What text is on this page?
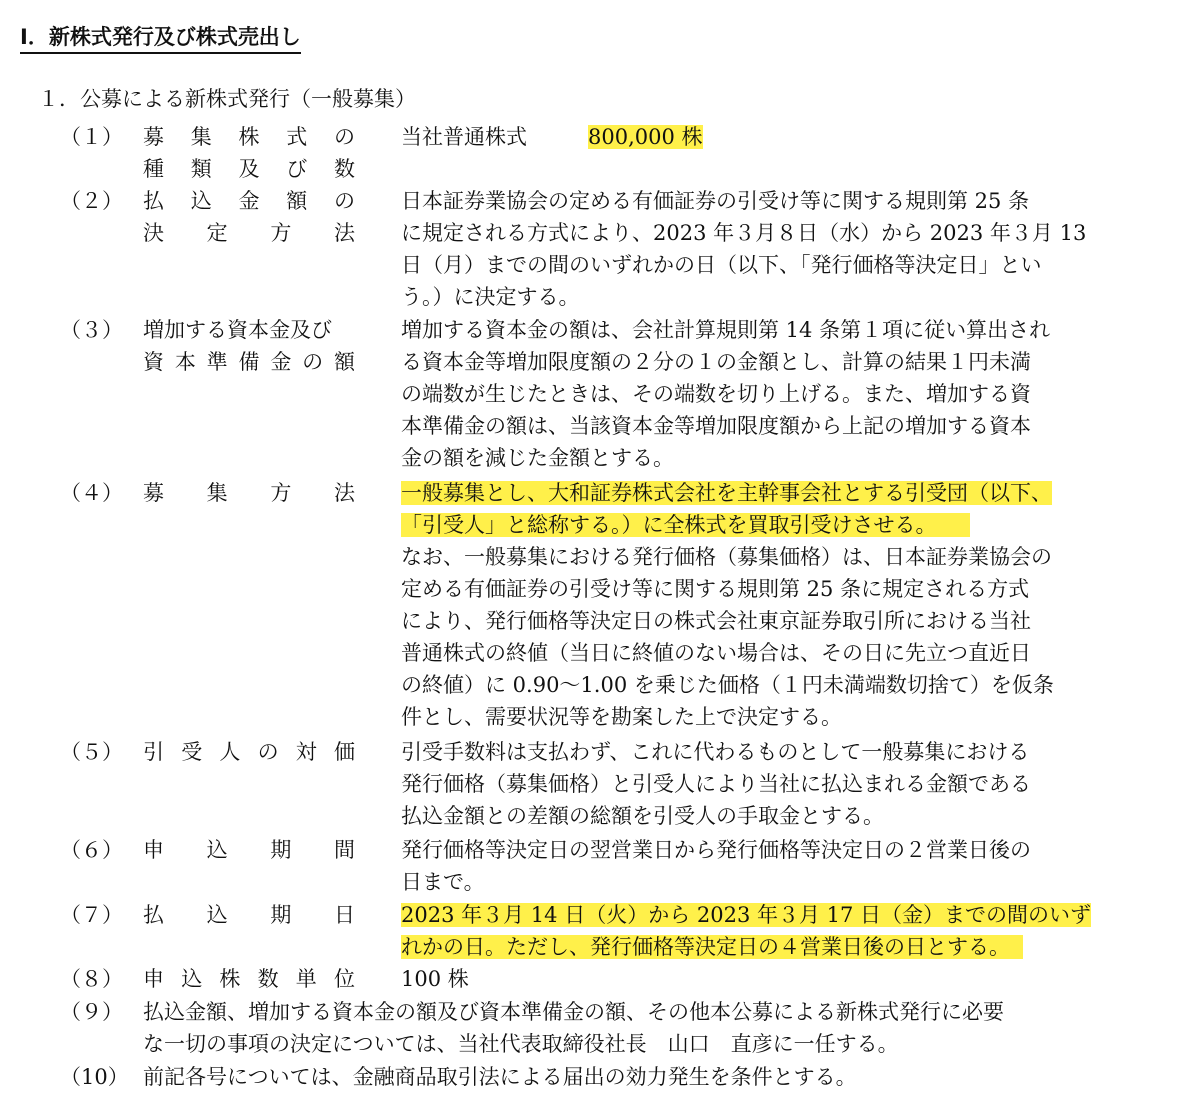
Ⅰ．新株式発行及び株式売出し
１．公募による新株式発行（一般募集）
（１） 募 集 株 式 の
種 類 及 び 数
当社普通株式	800,000 株
（２） 払 込 金 額 の
決 定 方 法
日本証券業協会の定める有価証券の引受け等に関する規則第 25 条
に規定される方式により、2023 年３月８日（水）から 2023 年３月 13
日（月）までの間のいずれかの日（以下、「発行価格等決定日」とい
う。）に決定する。
（３） 増加する資本金及び
資 本 準 備 金 の 額
増加する資本金の額は、会社計算規則第 14 条第１項に従い算出され
る資本金等増加限度額の２分の１の金額とし、計算の結果１円未満
の端数が生じたときは、その端数を切り上げる。また、増加する資
本準備金の額は、当該資本金等増加限度額から上記の増加する資本
金の額を減じた金額とする。
（４） 募 集 方 法 一般募集とし、大和証券株式会社を主幹事会社とする引受団（以下、
「引受人」と総称する。）に全株式を買取引受けさせる。
なお、一般募集における発行価格（募集価格）は、日本証券業協会の
定める有価証券の引受け等に関する規則第 25 条に規定される方式
により、発行価格等決定日の株式会社東京証券取引所における当社
普通株式の終値（当日に終値のない場合は、その日に先立つ直近日
の終値）に 0.90～1.00 を乗じた価格（１円未満端数切捨て）を仮条
件とし、需要状況等を勘案した上で決定する。
（５） 引 受 人 の 対 価 引受手数料は支払わず、これに代わるものとして一般募集における
発行価格（募集価格）と引受人により当社に払込まれる金額である
払込金額との差額の総額を引受人の手取金とする。
（６） 申 込 期 間 発行価格等決定日の翌営業日から発行価格等決定日の２営業日後の
日まで。
（７） 払 込 期 日 2023 年３月 14 日（火）から 2023 年３月 17 日（金）までの間のいず
れかの日。ただし、発行価格等決定日の４営業日後の日とする。
（８） 申 込 株 数 単 位 100 株
（９） 払込金額、増加する資本金の額及び資本準備金の額、その他本公募による新株式発行に必要
な一切の事項の決定については、当社代表取締役社長　山口　直彦に一任する。
（10） 前記各号については、金融商品取引法による届出の効力発生を条件とする。
